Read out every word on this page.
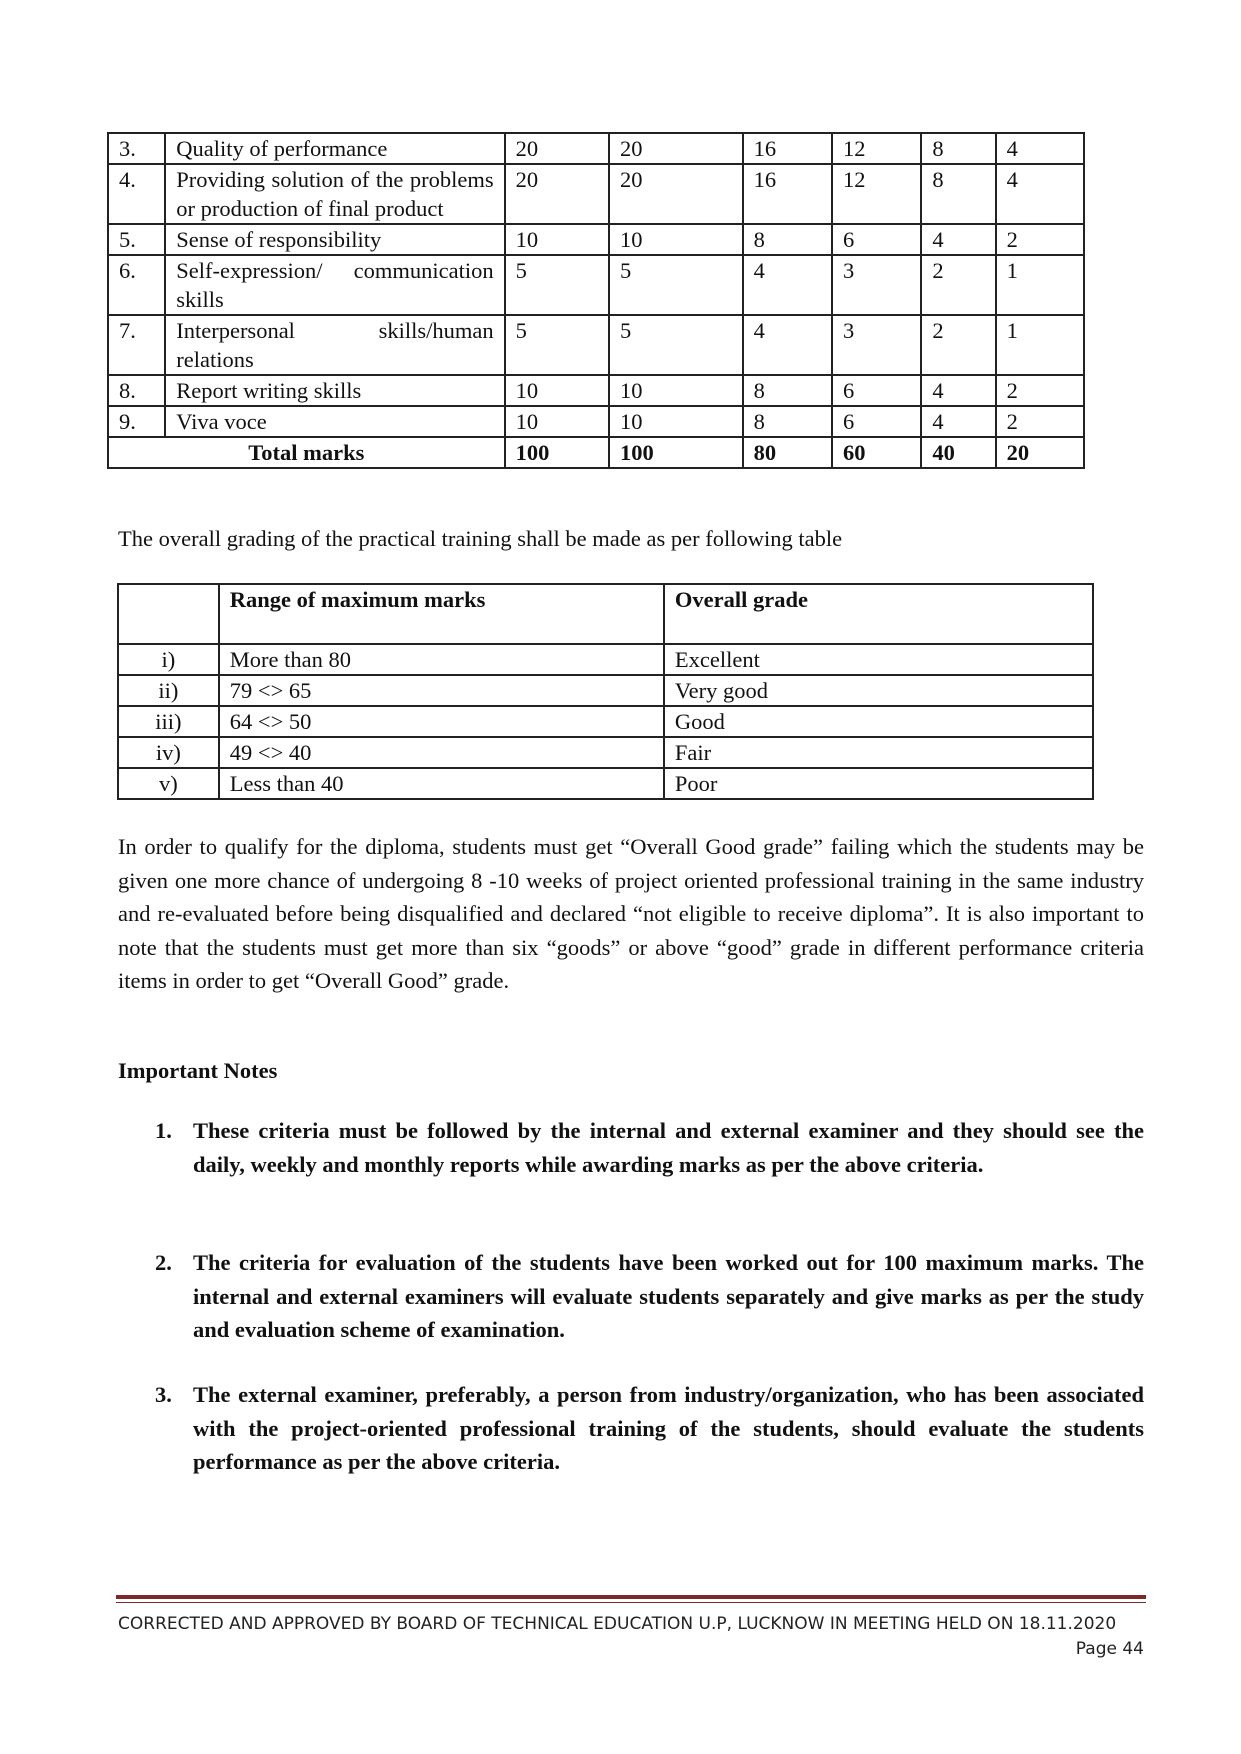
3.	Quality of performance	20	20	16	12	8	4
4.	Providing solution of the problems or production of final product	20	20	16	12	8	4
5.	Sense of responsibility	10	10	8	6	4	2
6.	Self-expression/ communication skills	5	5	4	3	2	1
7.	Interpersonal skills/human relations	5	5	4	3	2	1
8.	Report writing skills	10	10	8	6	4	2
9.	Viva voce	10	10	8	6	4	2
Total marks		100	100	80	60	40	20
The overall grading of the practical training shall be made as per following table
	Range of maximum marks	Overall grade
i)	More than 80	Excellent
ii)	79 <> 65	Very good
iii)	64 <> 50	Good
iv)	49 <> 40	Fair
v)	Less than 40	Poor
In order to qualify for the diploma, students must get “Overall Good grade” failing which the students may be given one more chance of undergoing 8 -10 weeks of project oriented professional training in the same industry and re-evaluated before being disqualified and declared “not eligible to receive diploma”. It is also important to note that the students must get more than six “goods” or above “good” grade in different performance criteria items in order to get “Overall Good” grade.
Important Notes
1. These criteria must be followed by the internal and external examiner and they should see the daily, weekly and monthly reports while awarding marks as per the above criteria.
2. The criteria for evaluation of the students have been worked out for 100 maximum marks. The internal and external examiners will evaluate students separately and give marks as per the study and evaluation scheme of examination.
3. The external examiner, preferably, a person from industry/organization, who has been associated with the project-oriented professional training of the students, should evaluate the students performance as per the above criteria.
CORRECTED AND APPROVED BY BOARD OF TECHNICAL EDUCATION U.P, LUCKNOW IN MEETING HELD ON 18.11.2020
Page 44
